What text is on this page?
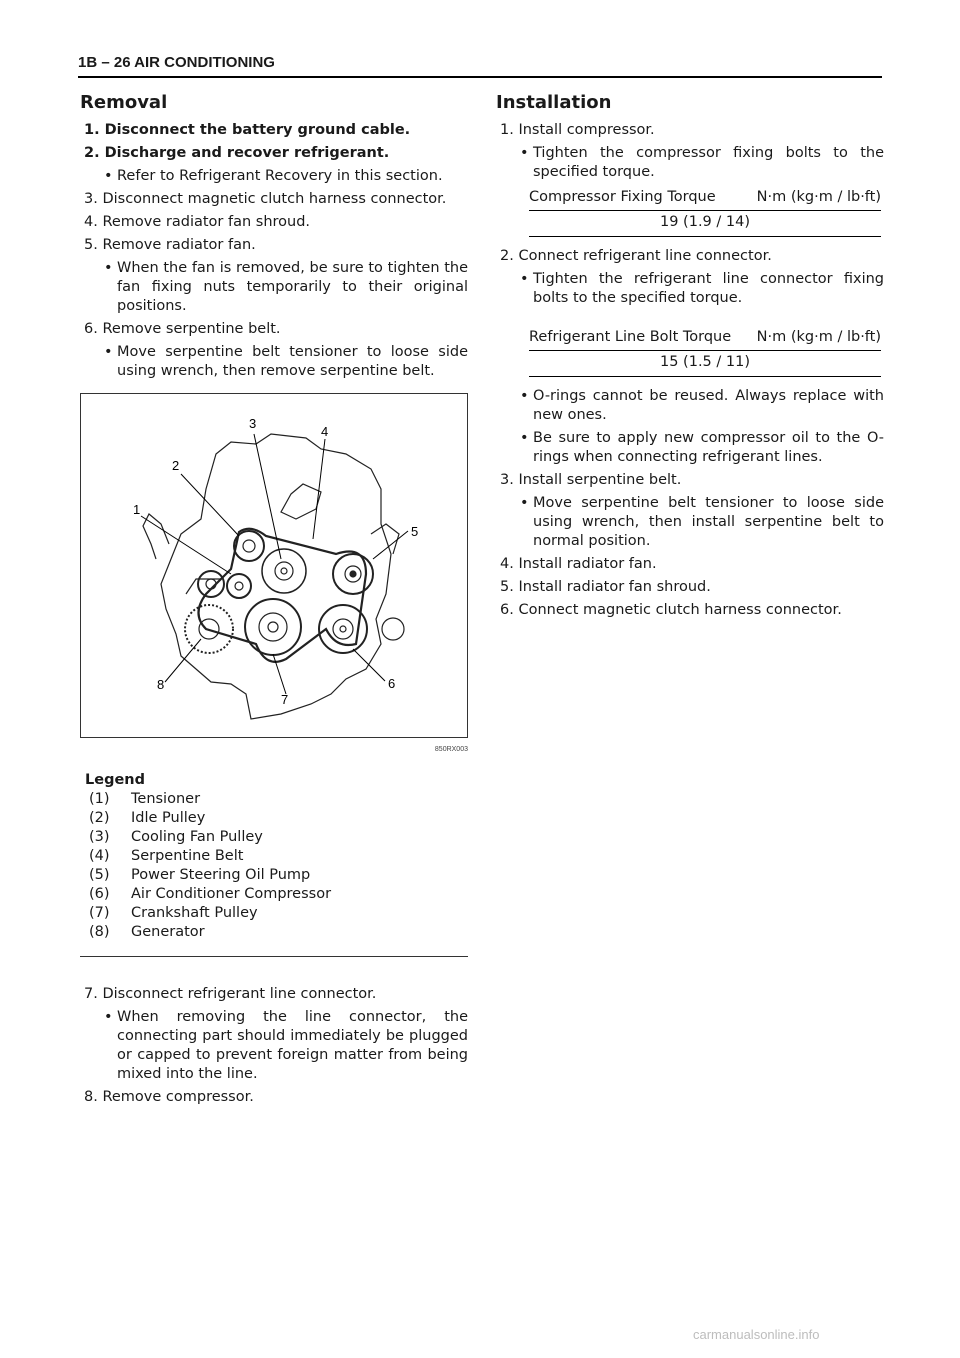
1B – 26 AIR CONDITIONING
Removal
1. Disconnect the battery ground cable.
2. Discharge and recover refrigerant.
• Refer to Refrigerant Recovery in this section.
3. Disconnect magnetic clutch harness connector.
4. Remove radiator fan shroud.
5. Remove radiator fan.
• When the fan is removed, be sure to tighten the fan fixing nuts temporarily to their original positions.
6. Remove serpentine belt.
• Move serpentine belt tensioner to loose side using wrench, then remove serpentine belt.
1
2
3
4
5
6
7
8
850RX003
Legend
(1)	Tensioner
(2)	Idle Pulley
(3)	Cooling Fan Pulley
(4)	Serpentine Belt
(5)	Power Steering Oil Pump
(6)	Air Conditioner Compressor
(7)	Crankshaft Pulley
(8)	Generator
7. Disconnect refrigerant line connector.
• When removing the line connector, the connecting part should immediately be plugged or capped to prevent foreign matter from being mixed into the line.
8. Remove compressor.
Installation
1. Install compressor.
• Tighten the compressor fixing bolts to the specified torque.
Compressor Fixing Torque	N·m (kg·m / lb·ft)
19 (1.9 / 14)
2. Connect refrigerant line connector.
• Tighten the refrigerant line connector fixing bolts to the specified torque.
Refrigerant Line Bolt Torque N·m (kg·m / lb·ft)
15 (1.5 / 11)
• O-rings cannot be reused. Always replace with new ones.
• Be sure to apply new compressor oil to the O-rings when connecting refrigerant lines.
3. Install serpentine belt.
• Move serpentine belt tensioner to loose side using wrench, then install serpentine belt to normal position.
4. Install radiator fan.
5. Install radiator fan shroud.
6. Connect magnetic clutch harness connector.
carmanualsonline.info
